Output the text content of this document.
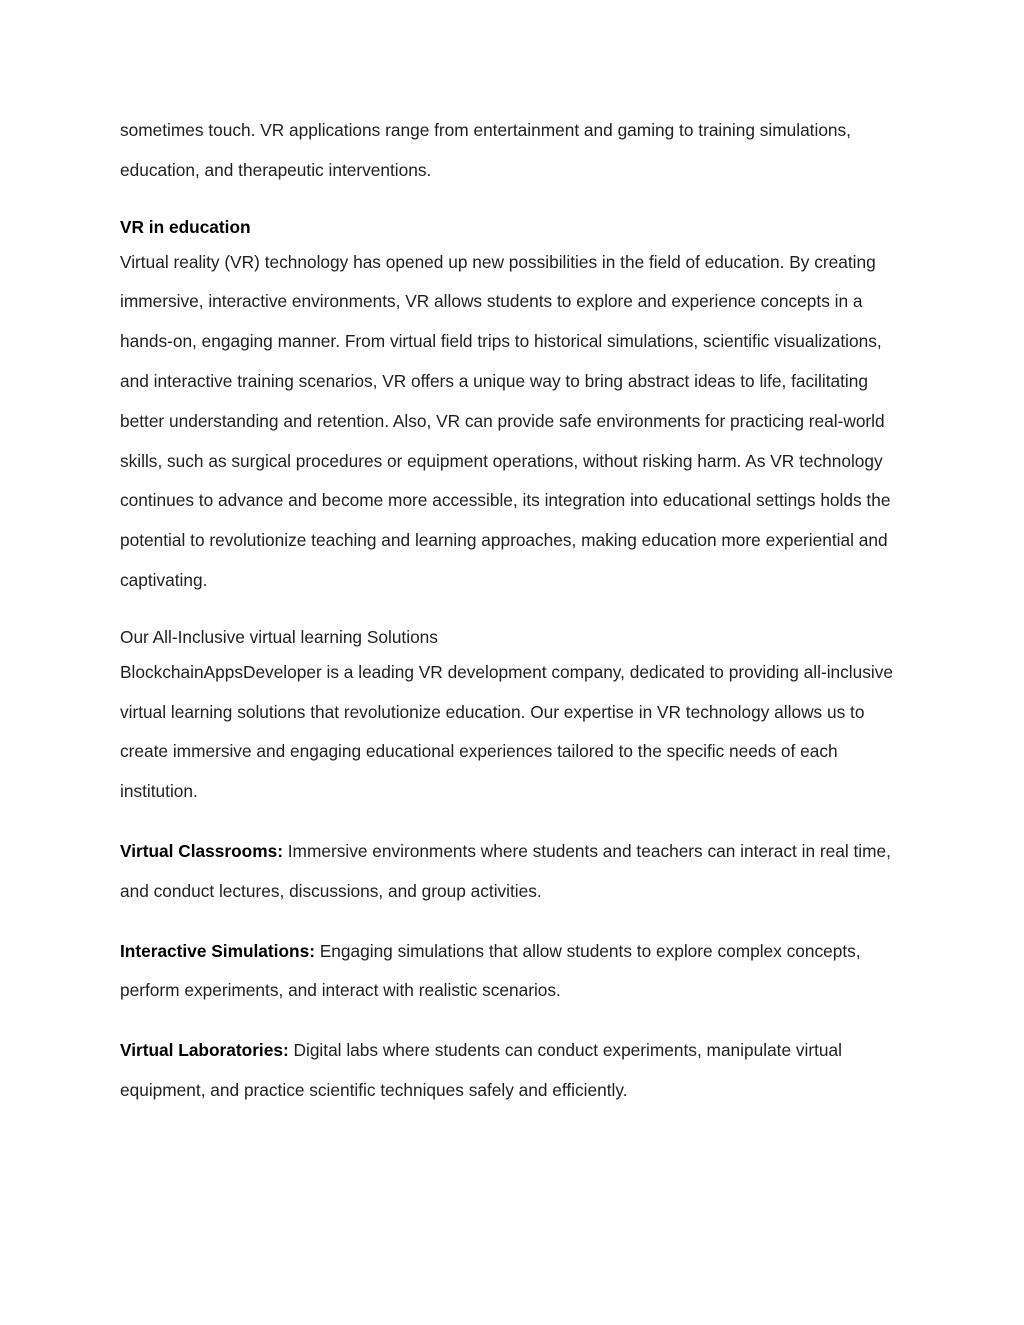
sometimes touch. VR applications range from entertainment and gaming to training simulations, education, and therapeutic interventions.

VR in education

Virtual reality (VR) technology has opened up new possibilities in the field of education. By creating immersive, interactive environments, VR allows students to explore and experience concepts in a hands-on, engaging manner. From virtual field trips to historical simulations, scientific visualizations, and interactive training scenarios, VR offers a unique way to bring abstract ideas to life, facilitating better understanding and retention. Also, VR can provide safe environments for practicing real-world skills, such as surgical procedures or equipment operations, without risking harm. As VR technology continues to advance and become more accessible, its integration into educational settings holds the potential to revolutionize teaching and learning approaches, making education more experiential and captivating.

Our All-Inclusive virtual learning Solutions

BlockchainAppsDeveloper is a leading VR development company, dedicated to providing all-inclusive virtual learning solutions that revolutionize education. Our expertise in VR technology allows us to create immersive and engaging educational experiences tailored to the specific needs of each institution.

Virtual Classrooms: Immersive environments where students and teachers can interact in real time, and conduct lectures, discussions, and group activities.

Interactive Simulations: Engaging simulations that allow students to explore complex concepts, perform experiments, and interact with realistic scenarios.

Virtual Laboratories: Digital labs where students can conduct experiments, manipulate virtual equipment, and practice scientific techniques safely and efficiently.
